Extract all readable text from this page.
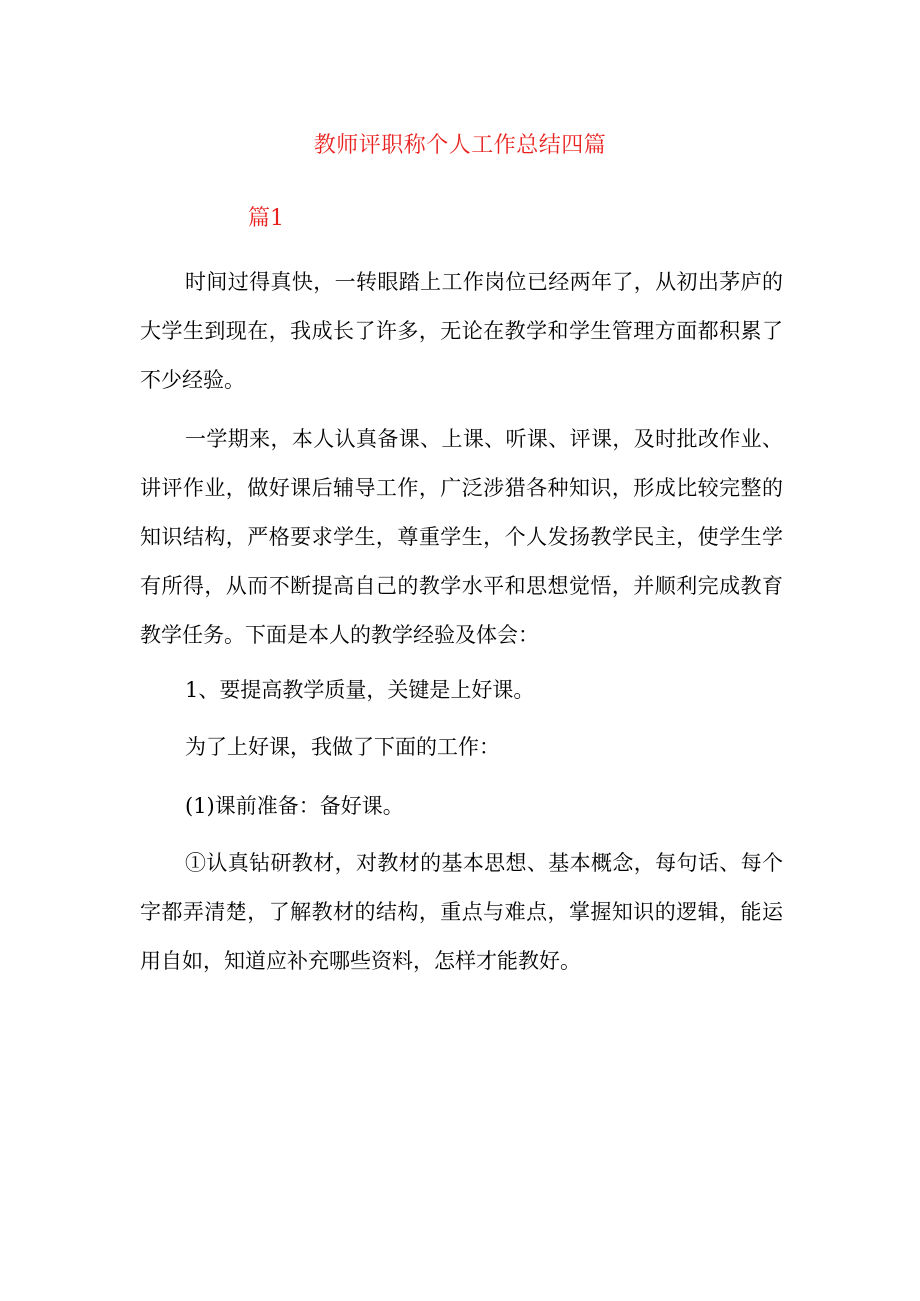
教师评职称个人工作总结四篇
篇1

时间过得真快，一转眼踏上工作岗位已经两年了，从初出茅庐的大学生到现在，我成长了许多，无论在教学和学生管理方面都积累了不少经验。

一学期来，本人认真备课、上课、听课、评课，及时批改作业、讲评作业，做好课后辅导工作，广泛涉猎各种知识，形成比较完整的知识结构，严格要求学生，尊重学生，个人发扬教学民主，使学生学有所得，从而不断提高自己的教学水平和思想觉悟，并顺利完成教育教学任务。下面是本人的教学经验及体会：

1、要提高教学质量，关键是上好课。

为了上好课，我做了下面的工作：

(1)课前准备：备好课。

①认真钻研教材，对教材的基本思想、基本概念，每句话、每个字都弄清楚，了解教材的结构，重点与难点，掌握知识的逻辑，能运用自如，知道应补充哪些资料，怎样才能教好。
